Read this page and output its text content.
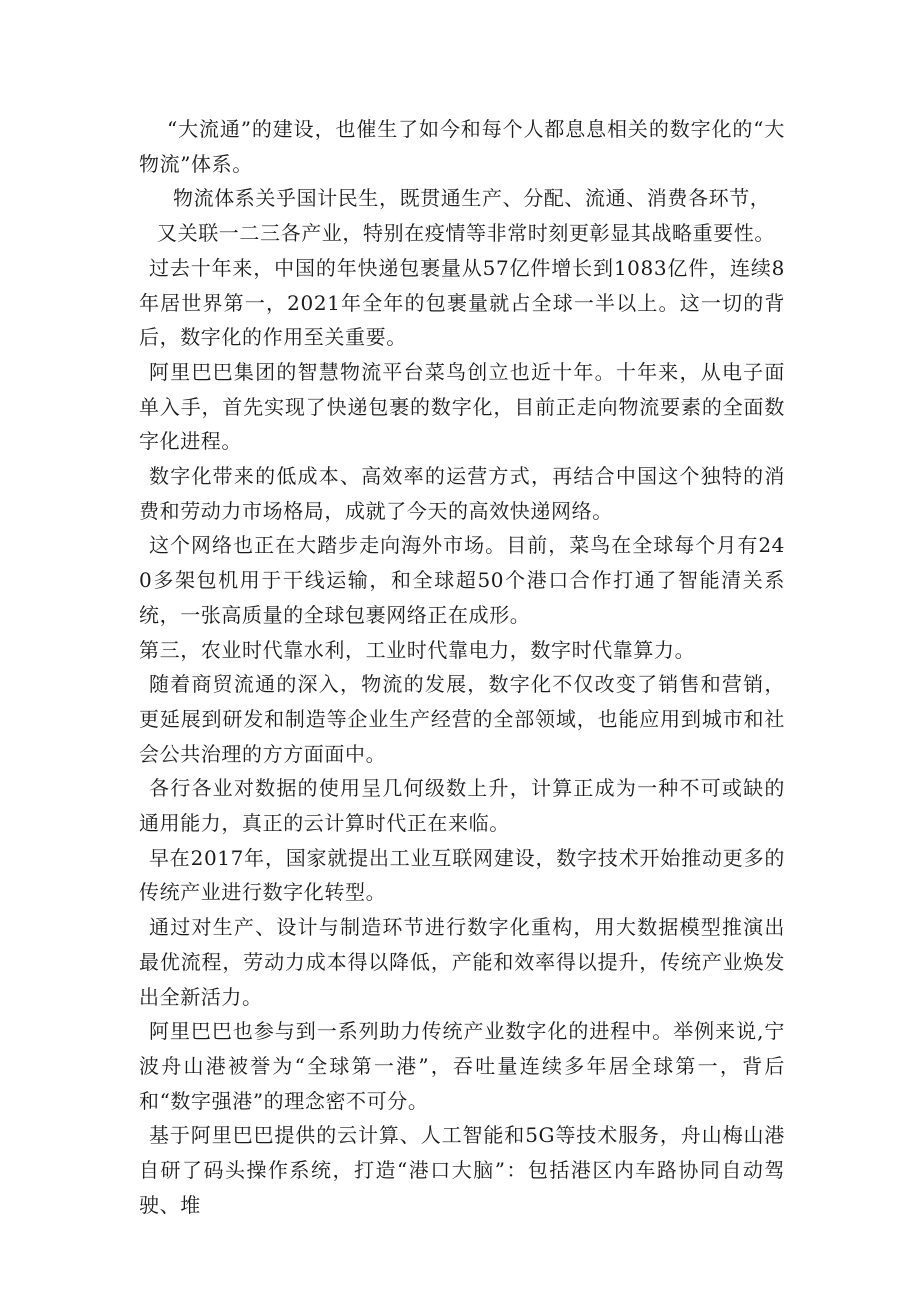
“大流通”的建设，也催生了如今和每个人都息息相关的数字化的“大物流”体系。

物流体系关乎国计民生，既贯通生产、分配、流通、消费各环节，

又关联一二三各产业，特别在疫情等非常时刻更彰显其战略重要性。

过去十年来，中国的年快递包裹量从57亿件增长到1083亿件，连续8年居世界第一，2021年全年的包裹量就占全球一半以上。这一切的背后，数字化的作用至关重要。

阿里巴巴集团的智慧物流平台菜鸟创立也近十年。十年来，从电子面单入手，首先实现了快递包裹的数字化，目前正走向物流要素的全面数字化进程。

数字化带来的低成本、高效率的运营方式，再结合中国这个独特的消费和劳动力市场格局，成就了今天的高效快递网络。

这个网络也正在大踏步走向海外市场。目前，菜鸟在全球每个月有240多架包机用于干线运输，和全球超50个港口合作打通了智能清关系统，一张高质量的全球包裹网络正在成形。

第三，农业时代靠水利，工业时代靠电力，数字时代靠算力。

随着商贸流通的深入，物流的发展，数字化不仅改变了销售和营销，更延展到研发和制造等企业生产经营的全部领域，也能应用到城市和社会公共治理的方方面面中。

各行各业对数据的使用呈几何级数上升，计算正成为一种不可或缺的通用能力，真正的云计算时代正在来临。

早在2017年，国家就提出工业互联网建设，数字技术开始推动更多的传统产业进行数字化转型。

通过对生产、设计与制造环节进行数字化重构，用大数据模型推演出最优流程，劳动力成本得以降低，产能和效率得以提升，传统产业焕发出全新活力。

阿里巴巴也参与到一系列助力传统产业数字化的进程中。举例来说,宁波舟山港被誉为“全球第一港”，吞吐量连续多年居全球第一，背后和“数字强港”的理念密不可分。

基于阿里巴巴提供的云计算、人工智能和5G等技术服务，舟山梅山港自研了码头操作系统，打造“港口大脑”：包括港区内车路协同自动驾驶、堆
